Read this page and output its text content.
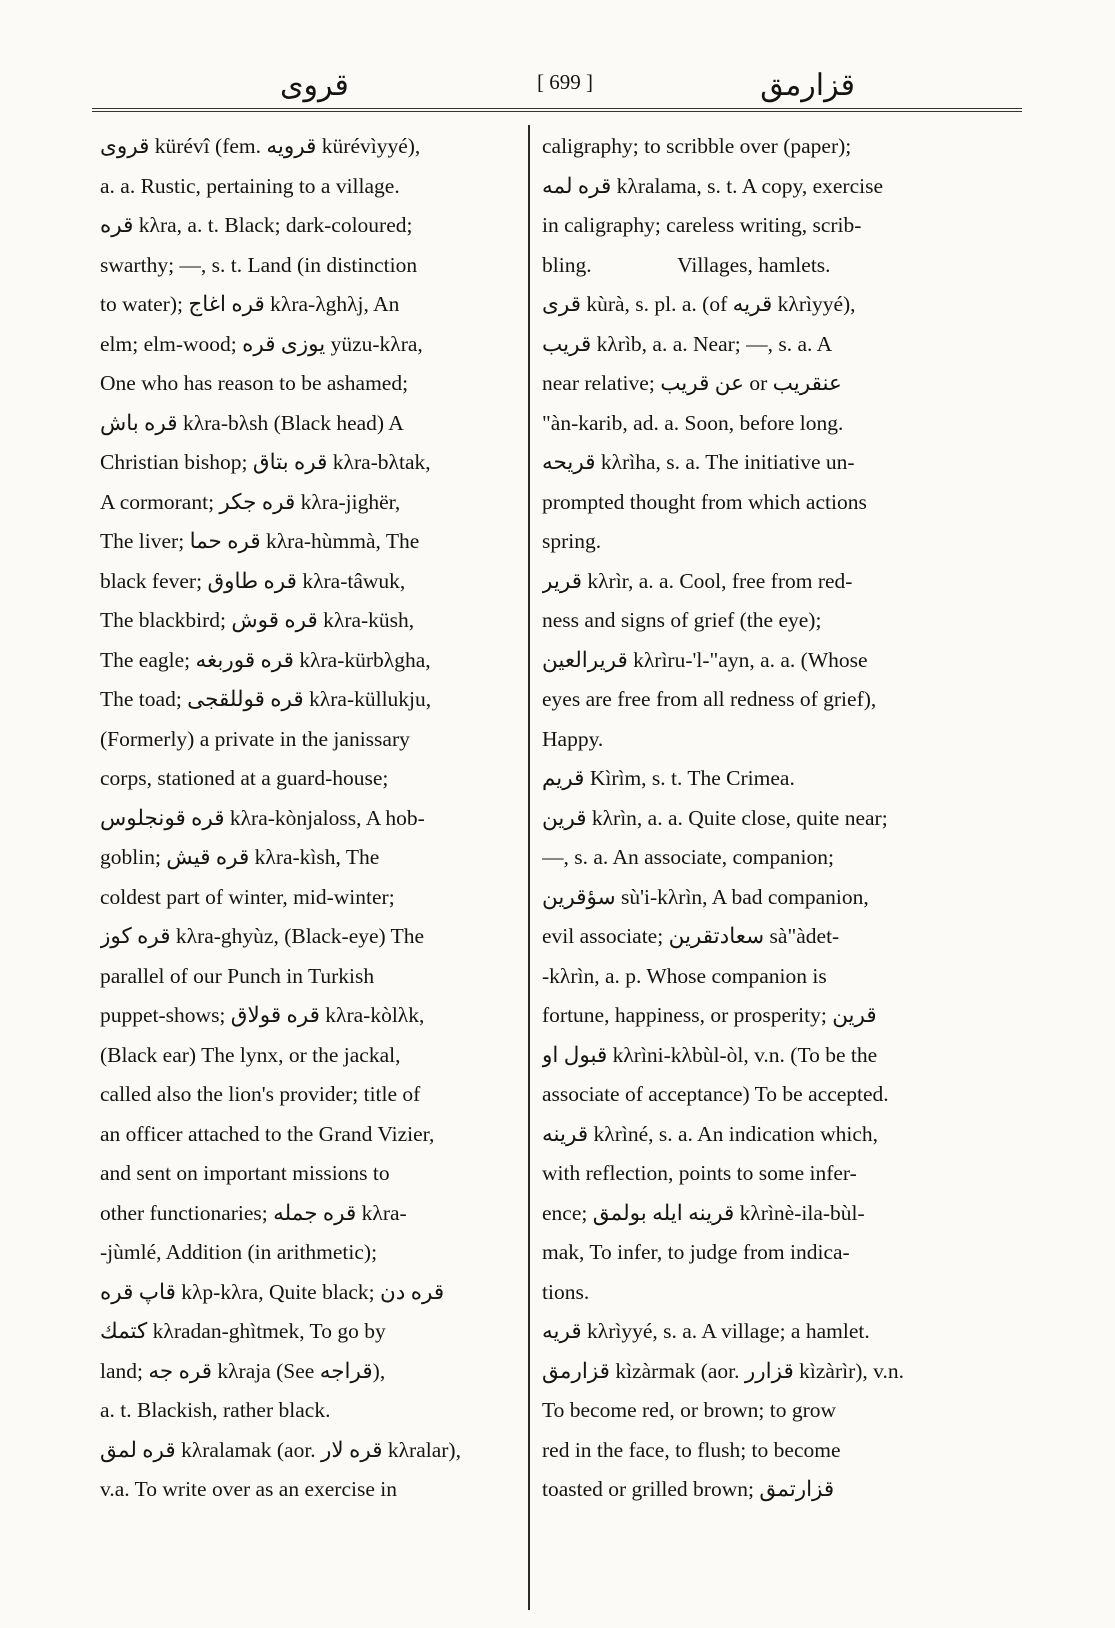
قروی	[ 699 ]	قزارمق

قروی kürévî (fem. قرویه kürévìyyé),

a. a. Rustic, pertaining to a village.

قره kλra, a. t. Black; dark-coloured;

swarthy; —, s. t. Land (in distinction

to water); قره اغاج kλra-λghλj, An

elm; elm-wood; یوزی قره yüzu-kλra,

One who has reason to be ashamed;

قره باش kλra-bλsh (Black head) A

Christian bishop; قره بتاق kλra-bλtak,

A cormorant; قره جکر kλra-jighër,

The liver; قره حما kλra-hùmmà, The

black fever; قره طاوق kλra-tâwuk,

The blackbird; قره قوش kλra-küsh,

The eagle; قره قوربغه kλra-kürbλgha,

The toad; قره قوللقجی kλra-küllukju,

(Formerly) a private in the janissary

corps, stationed at a guard-house;

قره قونجلوس kλra-kònjaloss, A hob-

goblin; قره قیش kλra-kìsh, The

coldest part of winter, mid-winter;

قره کوز kλra-ghyùz, (Black-eye) The

parallel of our Punch in Turkish

puppet-shows; قره قولاق kλra-kòlλk,

(Black ear) The lynx, or the jackal,

called also the lion's provider; title of

an officer attached to the Grand Vizier,

and sent on important missions to

other functionaries; قره جمله kλra-

-jùmlé, Addition (in arithmetic);

قاپ قره kλp-kλra, Quite black; قره دن

کتمك kλradan-ghìtmek, To go by

land; قره جه kλraja (See قراجه),

a. t. Blackish, rather black.

قره لمق kλralamak (aor. قره لار kλralar),

v.a. To write over as an exercise in

caligraphy; to scribble over (paper);

قره لمه kλralama, s. t. A copy, exercise

in caligraphy; careless writing, scrib-

bling.                Villages, hamlets.

قری kùrà, s. pl. a. (of قریه kλrìyyé),

قریب kλrìb, a. a. Near; —, s. a. A

near relative; عن قریب or عنقریب

"àn-karib, ad. a. Soon, before long.

قریحه kλrìha, s. a. The initiative un-

prompted thought from which actions

spring.

قریر kλrìr, a. a. Cool, free from red-

ness and signs of grief (the eye);

قریرالعین kλrìru-'l-"ayn, a. a. (Whose

eyes are free from all redness of grief),

Happy.

قریم Kìrìm, s. t. The Crimea.

قرین kλrìn, a. a. Quite close, quite near;

—, s. a. An associate, companion;

سؤقرین sù'i-kλrìn, A bad companion,

evil associate; سعادتقرین sà"àdet-

-kλrìn, a. p. Whose companion is

fortune, happiness, or prosperity; قرین

قبول او kλrìni-kλbùl-òl, v.n. (To be the

associate of acceptance) To be accepted.

قرینه kλrìné, s. a. An indication which,

with reflection, points to some infer-

ence; قرینه ایله بولمق kλrìnè-ila-bùl-

mak, To infer, to judge from indica-

tions.

قریه kλrìyyé, s. a. A village; a hamlet.

قزارمق kìzàrmak (aor. قزارر kìzàrìr), v.n.

To become red, or brown; to grow

red in the face, to flush; to become

toasted or grilled brown; قزارتمق
